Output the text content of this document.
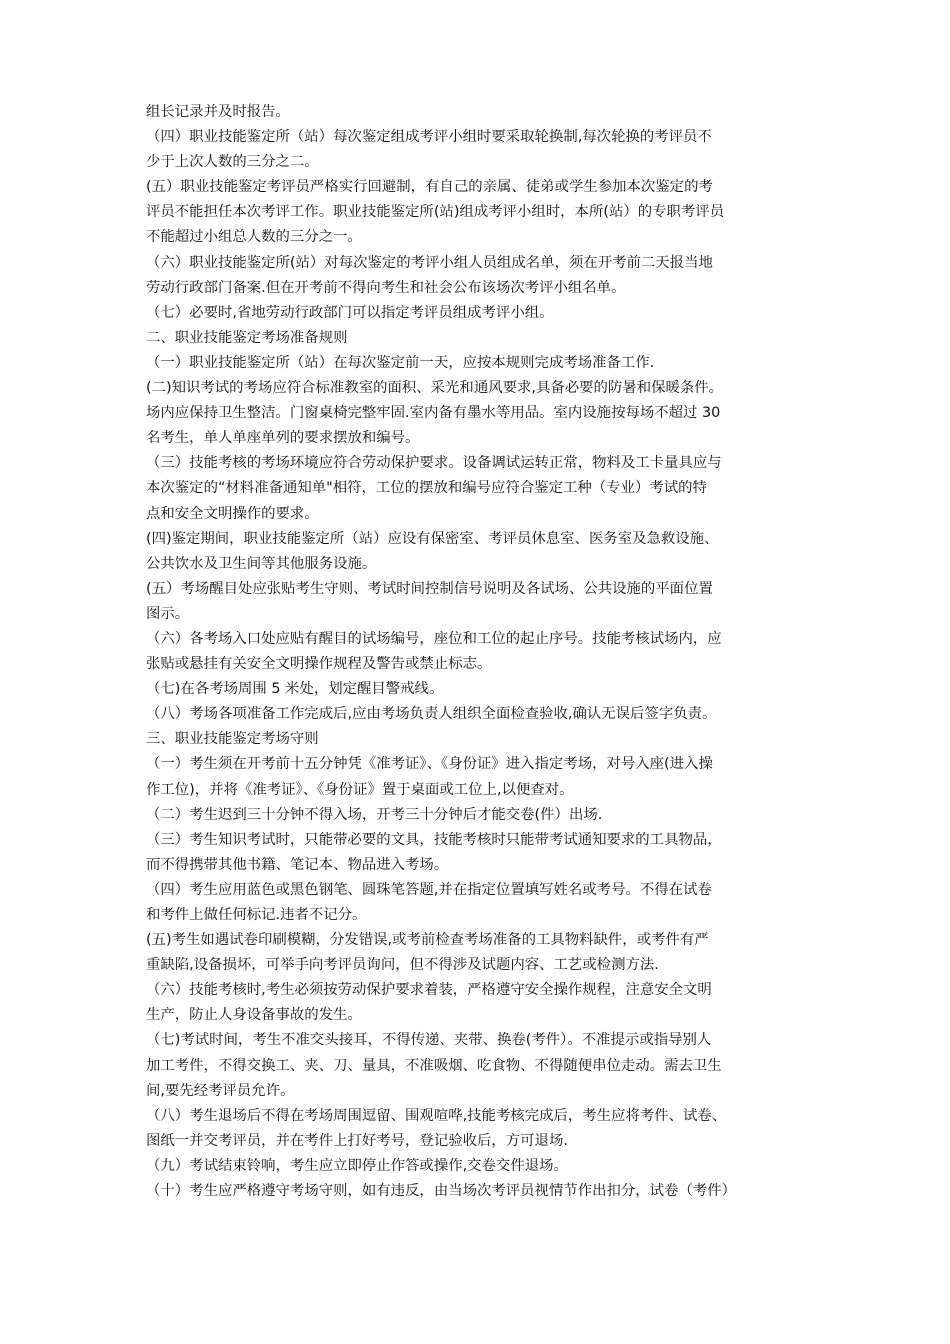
组长记录并及时报告。
（四）职业技能鉴定所（站）每次鉴定组成考评小组时要采取轮换制,每次轮换的考评员不
少于上次人数的三分之二。
(五）职业技能鉴定考评员严格实行回避制，有自己的亲属、徒弟或学生参加本次鉴定的考
评员不能担任本次考评工作。职业技能鉴定所(站)组成考评小组时，本所(站）的专职考评员
不能超过小组总人数的三分之一。
（六）职业技能鉴定所(站）对每次鉴定的考评小组人员组成名单，须在开考前二天报当地
劳动行政部门备案.但在开考前不得向考生和社会公布该场次考评小组名单。
（七）必要时,省地劳动行政部门可以指定考评员组成考评小组。
二、职业技能鉴定考场准备规则
（一）职业技能鉴定所（站）在每次鉴定前一天，应按本规则完成考场准备工作.
(二)知识考试的考场应符合标准教室的面积、采光和通风要求,具备必要的防暑和保暖条件。
场内应保持卫生整洁。门窗桌椅完整牢固.室内备有墨水等用品。室内设施按每场不超过 30
名考生，单人单座单列的要求摆放和编号。
（三）技能考核的考场环境应符合劳动保护要求。设备调试运转正常，物料及工卡量具应与
本次鉴定的“材料准备通知单"相符，工位的摆放和编号应符合鉴定工种（专业）考试的特
点和安全文明操作的要求。
(四)鉴定期间，职业技能鉴定所（站）应设有保密室、考评员休息室、医务室及急救设施、
公共饮水及卫生间等其他服务设施。
(五）考场醒目处应张贴考生守则、考试时间控制信号说明及各试场、公共设施的平面位置
图示。
（六）各考场入口处应贴有醒目的试场编号，座位和工位的起止序号。技能考核试场内，应
张贴或悬挂有关安全文明操作规程及警告或禁止标志。
（七)在各考场周围 5 米处，划定醒目警戒线。
（八）考场各项准备工作完成后,应由考场负责人组织全面检查验收,确认无误后签字负责。
三、职业技能鉴定考场守则
（一）考生须在开考前十五分钟凭《准考证》、《身份证》进入指定考场，对号入座(进入操
作工位)，并将《准考证》、《身份证》置于桌面或工位上,以便查对。
（二）考生迟到三十分钟不得入场，开考三十分钟后才能交卷(件）出场.
（三）考生知识考试时，只能带必要的文具，技能考核时只能带考试通知要求的工具物品，
而不得携带其他书籍、笔记本、物品进入考场。
（四）考生应用蓝色或黑色钢笔、圆珠笔答题,并在指定位置填写姓名或考号。不得在试卷
和考件上做任何标记.违者不记分。
(五)考生如遇试卷印刷模糊，分发错误,或考前检查考场准备的工具物料缺件，或考件有严
重缺陷,设备损坏，可举手向考评员询问，但不得涉及试题内容、工艺或检测方法.
（六）技能考核时,考生必须按劳动保护要求着装，严格遵守安全操作规程，注意安全文明
生产，防止人身设备事故的发生。
（七)考试时间，考生不准交头接耳，不得传递、夹带、换卷(考件）。不准提示或指导别人
加工考件，不得交换工、夹、刀、量具，不准吸烟、吃食物、不得随便串位走动。需去卫生
间,要先经考评员允许。
（八）考生退场后不得在考场周围逗留、围观喧哗,技能考核完成后，考生应将考件、试卷、
图纸一并交考评员，并在考件上打好考号，登记验收后，方可退场.
（九）考试结束铃响，考生应立即停止作答或操作,交卷交件退场。
（十）考生应严格遵守考场守则，如有违反，由当场次考评员视情节作出扣分，试卷（考件）
